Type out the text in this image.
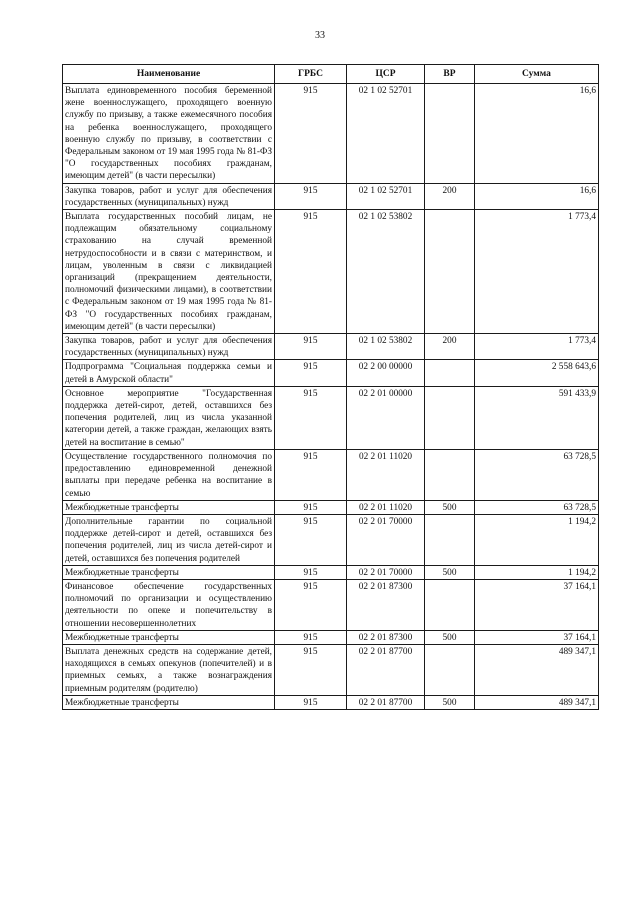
33
Наименование	ГРБС	ЦСР	ВР	Сумма
Выплата единовременного пособия беременной жене военнослужащего, проходящего военную службу по призыву, а также ежемесячного пособия на ребенка военнослужащего, проходящего военную службу по призыву, в соответствии с Федеральным законом от 19 мая 1995 года № 81-ФЗ "О государственных пособиях гражданам, имеющим детей" (в части пересылки)	915	02 1 02 52701		16,6
Закупка товаров, работ и услуг для обеспечения государственных (муниципальных) нужд	915	02 1 02 52701	200	16,6
Выплата государственных пособий лицам, не подлежащим обязательному социальному страхованию на случай временной нетрудоспособности и в связи с материнством, и лицам, уволенным в связи с ликвидацией организаций (прекращением деятельности, полномочий физическими лицами), в соответствии с Федеральным законом от 19 мая 1995 года № 81-ФЗ "О государственных пособиях гражданам, имеющим детей" (в части пересылки)	915	02 1 02 53802		1 773,4
Закупка товаров, работ и услуг для обеспечения государственных (муниципальных) нужд	915	02 1 02 53802	200	1 773,4
Подпрограмма "Социальная поддержка семьи и детей в Амурской области"	915	02 2 00 00000		2 558 643,6
Основное мероприятие "Государственная поддержка детей-сирот, детей, оставшихся без попечения родителей, лиц из числа указанной категории детей, а также граждан, желающих взять детей на воспитание в семью"	915	02 2 01 00000		591 433,9
Осуществление государственного полномочия по предоставлению единовременной денежной выплаты при передаче ребенка на воспитание в семью	915	02 2 01 11020		63 728,5
Межбюджетные трансферты	915	02 2 01 11020	500	63 728,5
Дополнительные гарантии по социальной поддержке детей-сирот и детей, оставшихся без попечения родителей, лиц из числа детей-сирот и детей, оставшихся без попечения родителей	915	02 2 01 70000		1 194,2
Межбюджетные трансферты	915	02 2 01 70000	500	1 194,2
Финансовое обеспечение государственных полномочий по организации и осуществлению деятельности по опеке и попечительству в отношении несовершеннолетних	915	02 2 01 87300		37 164,1
Межбюджетные трансферты	915	02 2 01 87300	500	37 164,1
Выплата денежных средств на содержание детей, находящихся в семьях опекунов (попечителей) и в приемных семьях, а также вознаграждения приемным родителям (родителю)	915	02 2 01 87700		489 347,1
Межбюджетные трансферты	915	02 2 01 87700	500	489 347,1
